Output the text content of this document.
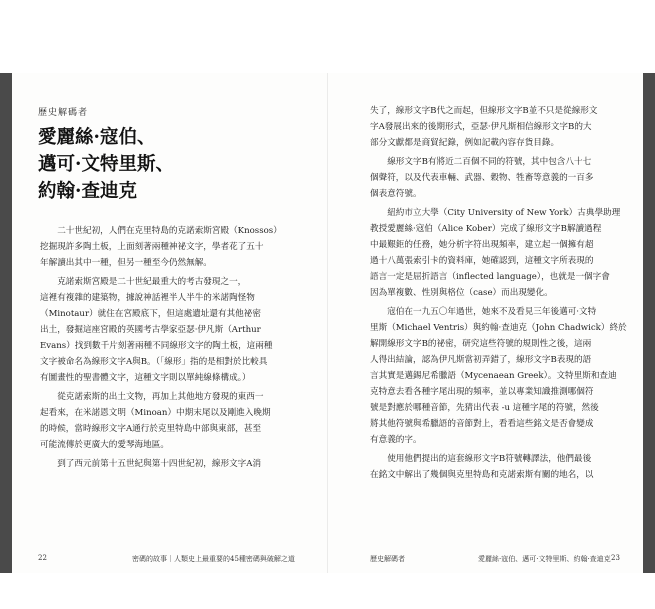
歷史解碼者
愛麗絲·寇伯、
邁可·文特里斯、
約翰·查迪克
　　二十世紀初，人們在克里特島的克諾索斯宮殿（Knossos）
挖掘現許多陶土板，上面刻著兩種神祕文字，學者花了五十
年解讀出其中一種，但另一種至今仍然無解。
　　克諾索斯宮殿是二十世紀最重大的考古發現之一，
這裡有複雜的建築物，據說神話裡半人半牛的米諾陶怪物
（Minotaur）就住在宮殿底下，但這處遺址還有其他祕密
出土，發掘這座宮殿的英國考古學家亞瑟·伊凡斯（Arthur
Evans）找到數千片刻著兩種不同線形文字的陶土板，這兩種
文字被命名為線形文字A與B。（「線形」指的是相對於比較具
有圖畫性的聖書體文字，這種文字則以單純線條構成。）
　　從克諾索斯的出土文物，再加上其他地方發現的東西一
起看來，在米諾恩文明（Minoan）中期末尾以及剛進入晚期
的時候，當時線形文字A通行於克里特島中部與東部，甚至
可能流傳於更廣大的愛琴海地區。
　　到了西元前第十五世紀與第十四世紀初，線形文字A消
22	密碼的故事｜人類史上最重要的45種密碼與破解之道
失了，線形文字B代之而起，但線形文字B並不只是從線形文
字A發展出來的後期形式，亞瑟·伊凡斯相信線形文字B的大
部分文獻都是商貿紀錄，例如記載內容存貨目錄。
　　線形文字B有將近二百個不同的符號，其中包含八十七
個聲符，以及代表車輛、武器、穀物、牲畜等意義的一百多
個表意符號。
　　紐約市立大學（City University of New York）古典學助理
教授愛麗絲·寇伯（Alice Kober）完成了線形文字B解讀過程
中最艱鉅的任務，她分析字符出現頻率，建立起一個擁有超
過十八萬張索引卡的資料庫，她確認到，這種文字所表現的
語言一定是屈折語言（inflected language），也就是一個字會
因為單複數、性別與格位（case）而出現變化。
　　寇伯在一九五〇年過世，她來不及看見三年後邁可·文特
里斯（Michael Ventris）與約翰·查迪克（John Chadwick）終於
解開線形文字B的祕密，研究這些符號的規則性之後，這兩
人得出結論，認為伊凡斯當初弄錯了，線形文字B表現的語
言其實是邁錫尼希臘語（Mycenaean Greek）。文特里斯和查迪
克特意去看各種字尾出現的頻率，並以專業知識推測哪個符
號是對應於哪種音節，先猜出代表 -u 這種字尾的符號，然後
將其他符號與希臘語的音節對上，看看這些銘文是否會變成
有意義的字。
　　使用他們提出的這套線形文字B符號轉譯法，他們最後
在銘文中解出了幾個與克里特島和克諾索斯有關的地名，以
歷史解碼者	愛麗絲·寇伯、邁可·文特里斯、約翰·查迪克 23
